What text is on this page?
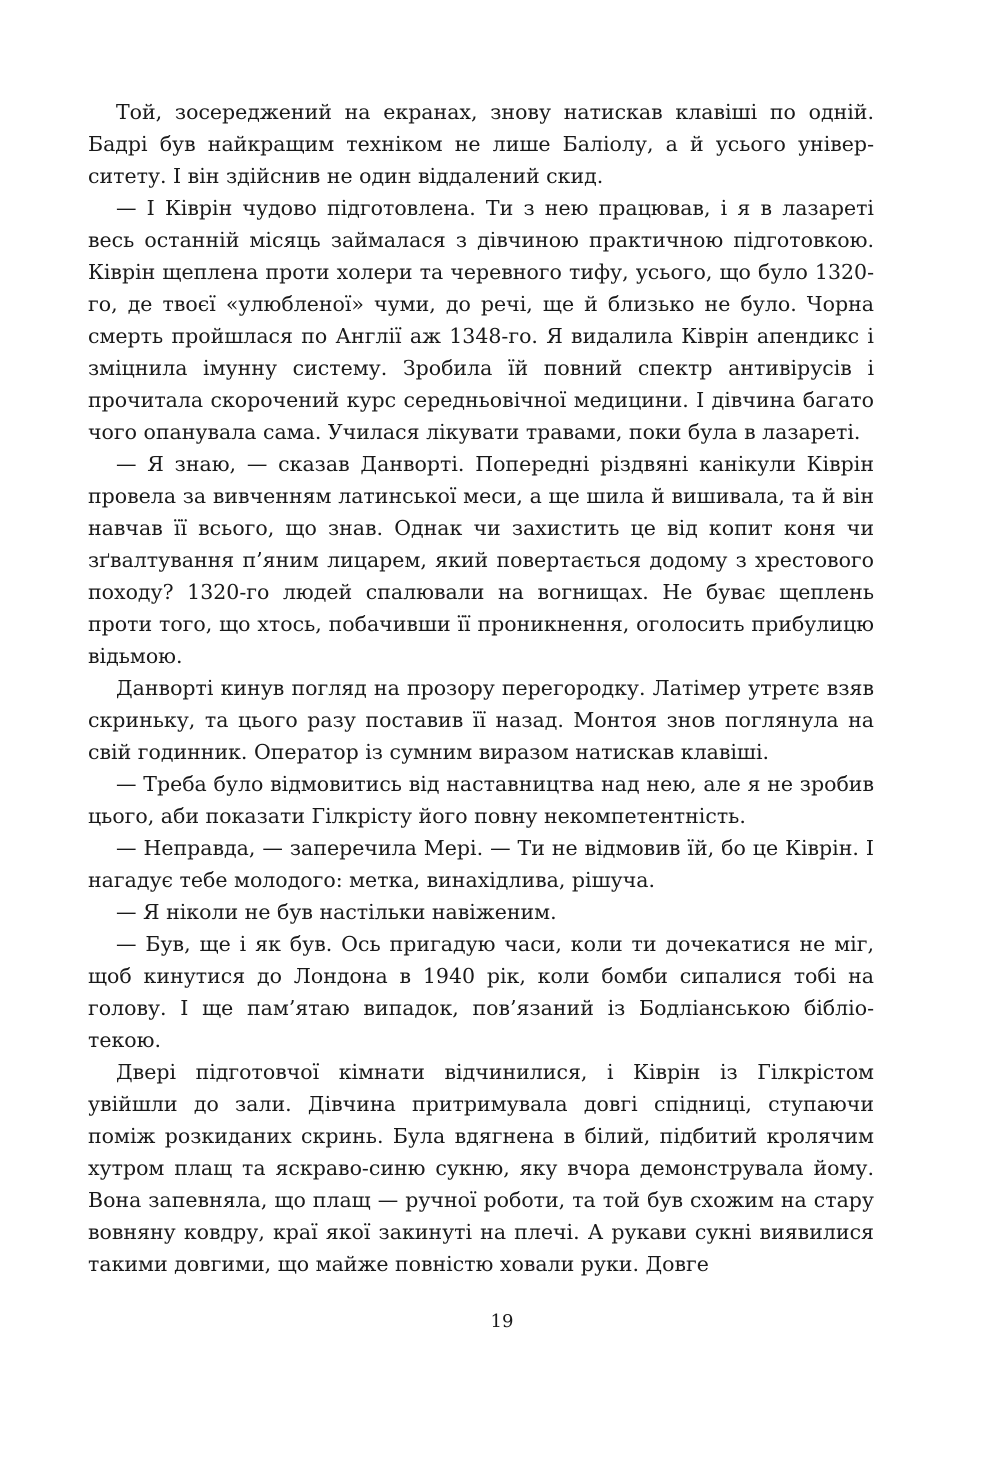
Той, зосереджений на екранах, знову натискав клавіші по одній. Бадрі був найкращим техніком не лише Баліолу, а й усього університету. І він здійснив не один віддалений скид.

— І Ківрін чудово підготовлена. Ти з нею працював, і я в лазареті весь останній місяць займалася з дівчиною практичною підготовкою. Ківрін щеплена проти холери та черевного тифу, усього, що було 1320-го, де твоєї «улюбленої» чуми, до речі, ще й близько не було. Чорна смерть пройшлася по Англії аж 1348-го. Я видалила Ківрін апендикс і зміцнила імунну систему. Зробила їй повний спектр антивірусів і прочитала скорочений курс середньовічної медицини. І дівчина багато чого опанувала сама. Училася лікувати травами, поки була в лазареті.

— Я знаю, — сказав Данворті. Попередні різдвяні канікули Ківрін провела за вивченням латинської меси, а ще шила й вишивала, та й він навчав її всього, що знав. Однак чи захистить це від копит коня чи зґвалтування п’яним лицарем, який повертається додому з хрестового походу? 1320-го людей спалювали на вогнищах. Не буває щеплень проти того, що хтось, побачивши її проникнення, оголосить прибулицю відьмою.

Данворті кинув погляд на прозору перегородку. Латімер утретє взяв скриньку, та цього разу поставив її назад. Монтоя знов поглянула на свій годинник. Оператор із сумним виразом натискав клавіші.

— Треба було відмовитись від наставництва над нею, але я не зробив цього, аби показати Гілкрісту його повну некомпетентність.

— Неправда, — заперечила Мері. — Ти не відмовив їй, бо це Ківрін. І нагадує тебе молодого: метка, винахідлива, рішуча.

— Я ніколи не був настільки навіженим.

— Був, ще і як був. Ось пригадую часи, коли ти дочекатися не міг, щоб кинутися до Лондона в 1940 рік, коли бомби сипалися тобі на голову. І ще пам’ятаю випадок, пов’язаний із Бодліанською бібліотекою.

Двері підготовчої кімнати відчинилися, і Ківрін із Гілкрістом увійшли до зали. Дівчина притримувала довгі спідниці, ступаючи поміж розкиданих скринь. Була вдягнена в білий, підбитий кролячим хутром плащ та яскраво-синю сукню, яку вчора демонструвала йому. Вона запевняла, що плащ — ручної роботи, та той був схожим на стару вовняну ковдру, краї якої закинуті на плечі. А рукави сукні виявилися такими довгими, що майже повністю ховали руки. Довге

19
